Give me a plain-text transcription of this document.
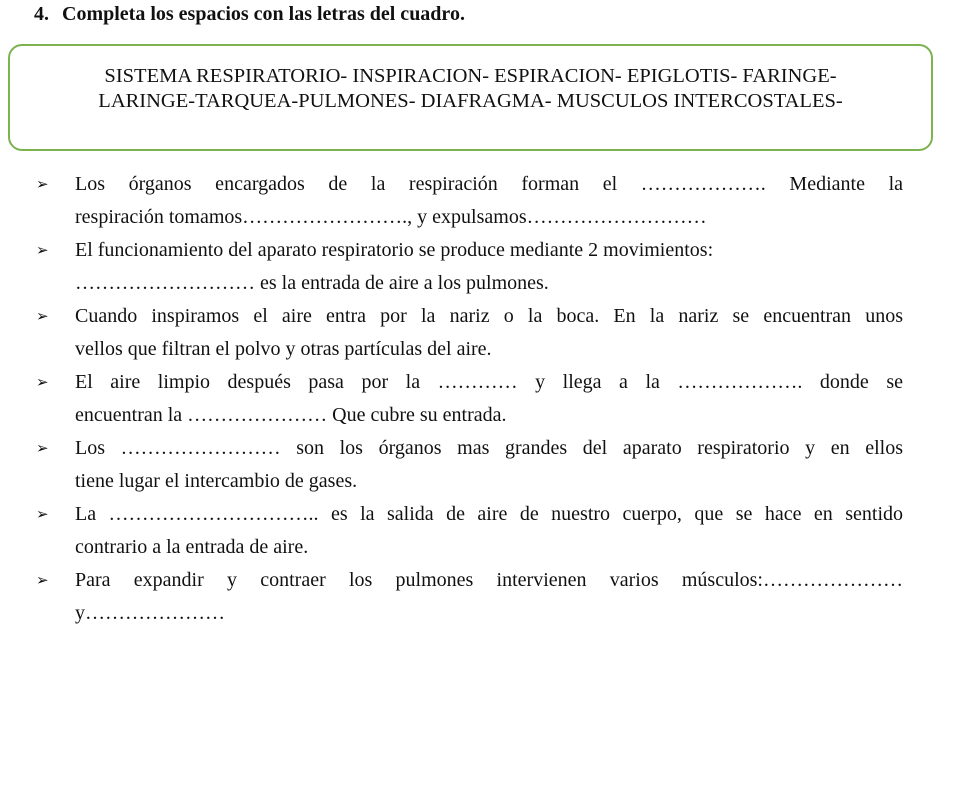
4. Completa los espacios con las letras del cuadro.
SISTEMA RESPIRATORIO- INSPIRACION- ESPIRACION- EPIGLOTIS- FARINGE-
LARINGE-TARQUEA-PULMONES- DIAFRAGMA- MUSCULOS INTERCOSTALES-
➢	Los órganos encargados de la respiración forman el ………………. Mediante la
respiración tomamos……………………., y expulsamos………………………
➢	El funcionamiento del aparato respiratorio se produce mediante 2 movimientos:
……………………… es la entrada de aire a los pulmones.
➢	Cuando inspiramos el aire entra por la nariz o la boca. En la nariz se encuentran unos
vellos que filtran el polvo y otras partículas del aire.
➢	El aire limpio después pasa por la ………… y llega a la ………………. donde se
encuentran la ………………… Que cubre su entrada.
➢	Los …………………… son los órganos mas grandes del aparato respiratorio y en ellos
tiene lugar el intercambio de gases.
➢	La ………………………….. es la salida de aire de nuestro cuerpo, que se hace en sentido
contrario a la entrada de aire.
➢	Para expandir y contraer los pulmones intervienen varios músculos:…………………
y…………………
